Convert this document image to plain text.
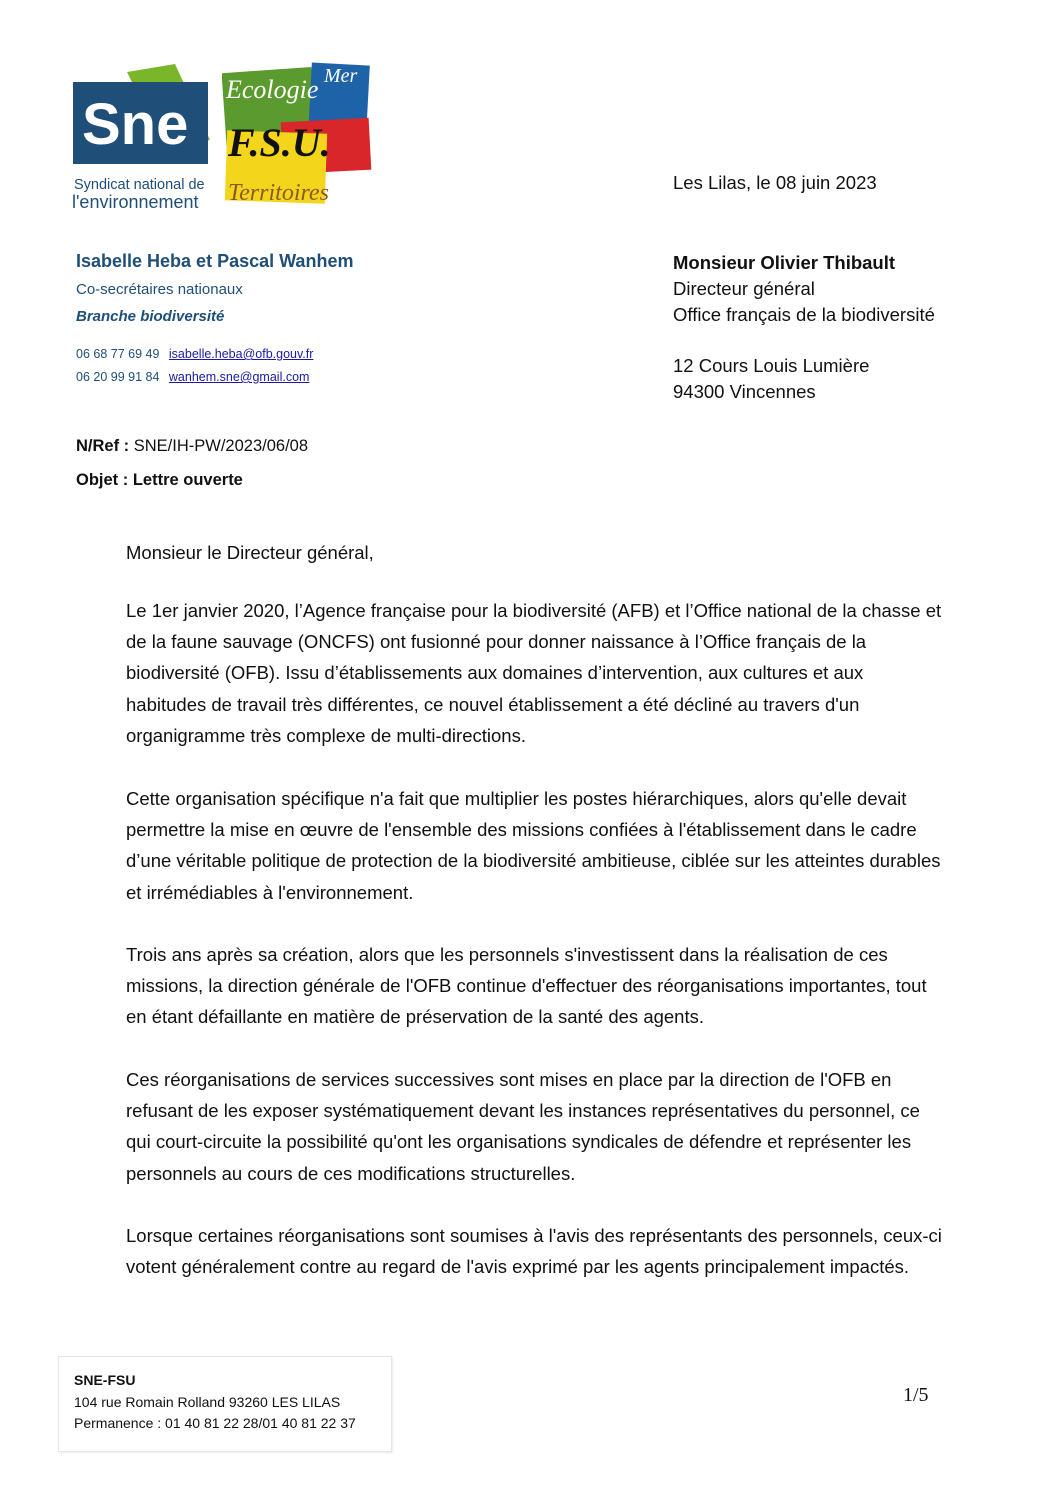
Sne
Syndicat national de
l'environnement
Ecologie Mer
F.S.U.
Territoires
Isabelle Heba et Pascal Wanhem
Co-secrétaires nationaux
Branche biodiversité
06 68 77 69 49 isabelle.heba@ofb.gouv.fr
06 20 99 91 84 wanhem.sne@gmail.com
Les Lilas, le 08 juin 2023
Monsieur Olivier Thibault
Directeur général
Office français de la biodiversité
12 Cours Louis Lumière
94300 Vincennes
N/Ref : SNE/IH-PW/2023/06/08
Objet : Lettre ouverte

Monsieur le Directeur général,

Le 1er janvier 2020, l’Agence française pour la biodiversité (AFB) et l’Office national de la chasse et de la faune sauvage (ONCFS) ont fusionné pour donner naissance à l’Office français de la biodiversité (OFB). Issu d’établissements aux domaines d’intervention, aux cultures et aux habitudes de travail très différentes, ce nouvel établissement a été décliné au travers d'un organigramme très complexe de multi-directions.

Cette organisation spécifique n'a fait que multiplier les postes hiérarchiques, alors qu'elle devait permettre la mise en œuvre de l'ensemble des missions confiées à l'établissement dans le cadre d’une véritable politique de protection de la biodiversité ambitieuse, ciblée sur les atteintes durables et irrémédiables à l'environnement.

Trois ans après sa création, alors que les personnels s'investissent dans la réalisation de ces missions, la direction générale de l'OFB continue d'effectuer des réorganisations importantes, tout en étant défaillante en matière de préservation de la santé des agents.

Ces réorganisations de services successives sont mises en place par la direction de l'OFB en refusant de les exposer systématiquement devant les instances représentatives du personnel, ce qui court-circuite la possibilité qu'ont les organisations syndicales de défendre et représenter les personnels au cours de ces modifications structurelles.

Lorsque certaines réorganisations sont soumises à l'avis des représentants des personnels, ceux-ci votent généralement contre au regard de l'avis exprimé par les agents principalement impactés.

SNE-FSU
104 rue Romain Rolland 93260 LES LILAS
Permanence : 01 40 81 22 28/01 40 81 22 37
1/5
